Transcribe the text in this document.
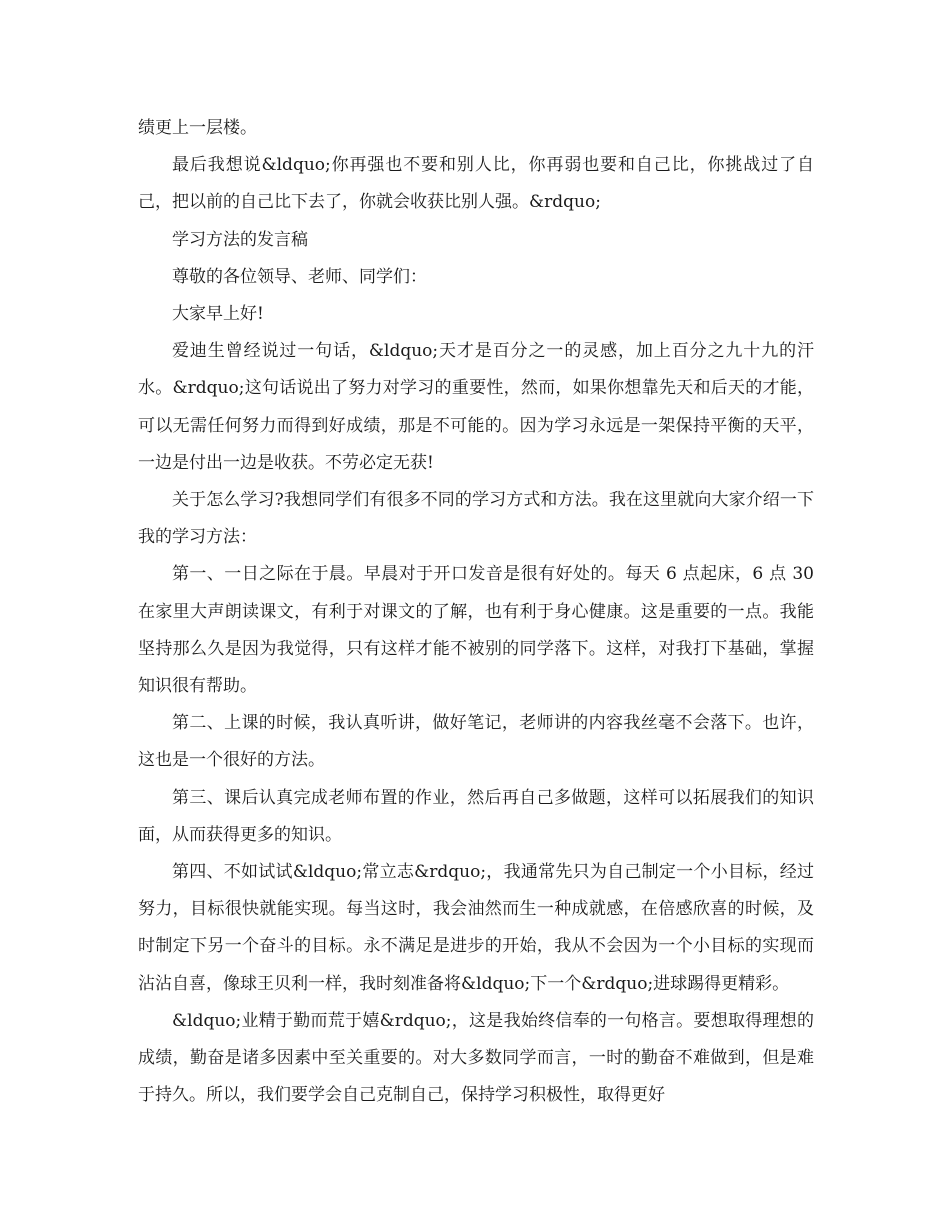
绩更上一层楼。

最后我想说&ldquo;你再强也不要和别人比，你再弱也要和自己比，你挑战过了自己，把以前的自己比下去了，你就会收获比别人强。&rdquo;

学习方法的发言稿

尊敬的各位领导、老师、同学们：

大家早上好!

爱迪生曾经说过一句话，&ldquo;天才是百分之一的灵感，加上百分之九十九的汗水。&rdquo;这句话说出了努力对学习的重要性，然而，如果你想靠先天和后天的才能，可以无需任何努力而得到好成绩，那是不可能的。因为学习永远是一架保持平衡的天平，一边是付出一边是收获。不劳必定无获!

关于怎么学习?我想同学们有很多不同的学习方式和方法。我在这里就向大家介绍一下我的学习方法：

第一、一日之际在于晨。早晨对于开口发音是很有好处的。每天 6 点起床，6 点 30 在家里大声朗读课文，有利于对课文的了解，也有利于身心健康。这是重要的一点。我能坚持那么久是因为我觉得，只有这样才能不被别的同学落下。这样，对我打下基础，掌握知识很有帮助。

第二、上课的时候，我认真听讲，做好笔记，老师讲的内容我丝毫不会落下。也许，这也是一个很好的方法。

第三、课后认真完成老师布置的作业，然后再自己多做题，这样可以拓展我们的知识面，从而获得更多的知识。

第四、不如试试&ldquo;常立志&rdquo;，我通常先只为自己制定一个小目标，经过努力，目标很快就能实现。每当这时，我会油然而生一种成就感，在倍感欣喜的时候，及时制定下另一个奋斗的目标。永不满足是进步的开始，我从不会因为一个小目标的实现而沾沾自喜，像球王贝利一样，我时刻准备将&ldquo;下一个&rdquo;进球踢得更精彩。

&ldquo;业精于勤而荒于嬉&rdquo;，这是我始终信奉的一句格言。要想取得理想的成绩，勤奋是诸多因素中至关重要的。对大多数同学而言，一时的勤奋不难做到，但是难于持久。所以，我们要学会自己克制自己，保持学习积极性，取得更好
